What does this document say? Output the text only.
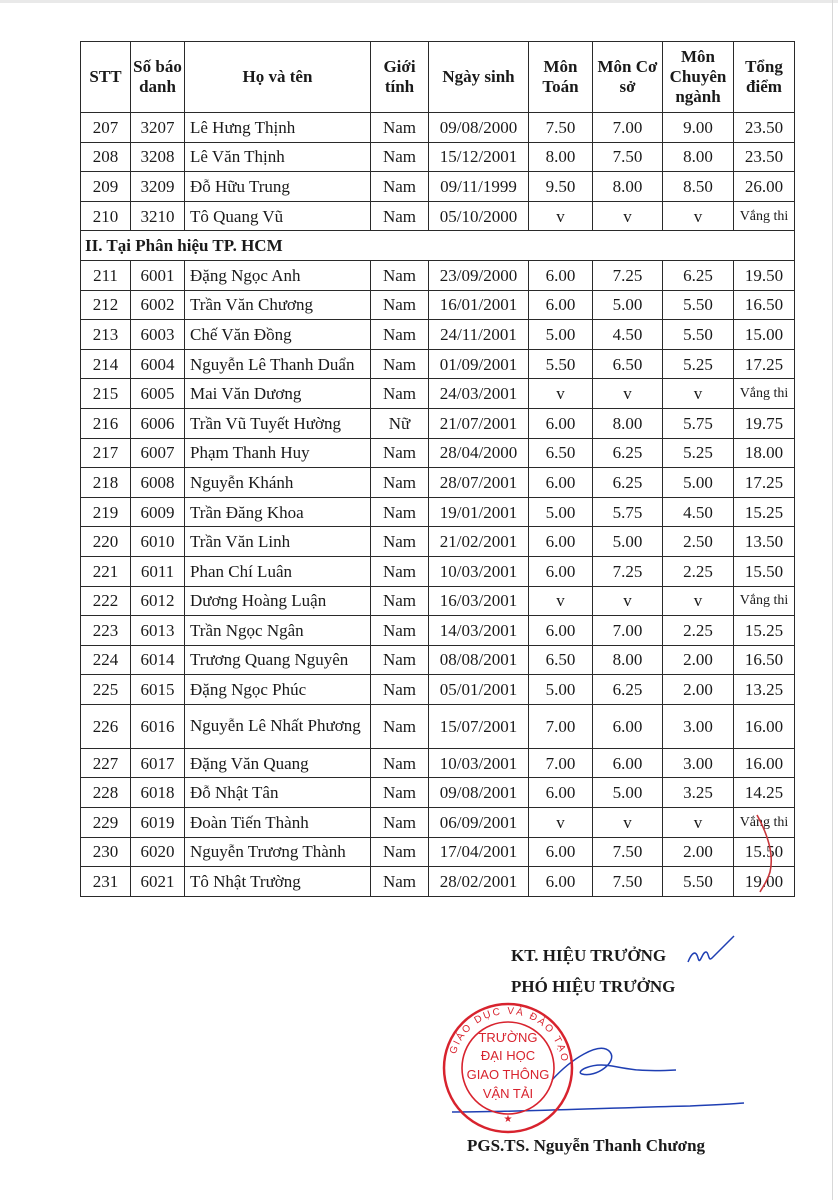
STT	Số báo danh	Họ và tên	Giới tính	Ngày sinh	Môn Toán	Môn Cơ sở	Môn Chuyên ngành	Tổng điểm
207	3207	Lê Hưng Thịnh	Nam	09/08/2000	7.50	7.00	9.00	23.50
208	3208	Lê Văn Thịnh	Nam	15/12/2001	8.00	7.50	8.00	23.50
209	3209	Đỗ Hữu Trung	Nam	09/11/1999	9.50	8.00	8.50	26.00
210	3210	Tô Quang Vũ	Nam	05/10/2000	v	v	v	Vắng thi
II. Tại Phân hiệu TP. HCM								
211	6001	Đặng Ngọc Anh	Nam	23/09/2000	6.00	7.25	6.25	19.50
212	6002	Trần Văn Chương	Nam	16/01/2001	6.00	5.00	5.50	16.50
213	6003	Chế Văn Đồng	Nam	24/11/2001	5.00	4.50	5.50	15.00
214	6004	Nguyễn Lê Thanh Duẩn	Nam	01/09/2001	5.50	6.50	5.25	17.25
215	6005	Mai Văn Dương	Nam	24/03/2001	v	v	v	Vắng thi
216	6006	Trần Vũ Tuyết Hường	Nữ	21/07/2001	6.00	8.00	5.75	19.75
217	6007	Phạm Thanh Huy	Nam	28/04/2000	6.50	6.25	5.25	18.00
218	6008	Nguyễn Khánh	Nam	28/07/2001	6.00	6.25	5.00	17.25
219	6009	Trần Đăng Khoa	Nam	19/01/2001	5.00	5.75	4.50	15.25
220	6010	Trần Văn Linh	Nam	21/02/2001	6.00	5.00	2.50	13.50
221	6011	Phan Chí Luân	Nam	10/03/2001	6.00	7.25	2.25	15.50
222	6012	Dương Hoàng Luận	Nam	16/03/2001	v	v	v	Vắng thi
223	6013	Trần Ngọc Ngân	Nam	14/03/2001	6.00	7.00	2.25	15.25
224	6014	Trương Quang Nguyên	Nam	08/08/2001	6.50	8.00	2.00	16.50
225	6015	Đặng Ngọc Phúc	Nam	05/01/2001	5.00	6.25	2.00	13.25
226	6016	Nguyễn Lê Nhất Phương	Nam	15/07/2001	7.00	6.00	3.00	16.00
227	6017	Đặng Văn Quang	Nam	10/03/2001	7.00	6.00	3.00	16.00
228	6018	Đỗ Nhật Tân	Nam	09/08/2001	6.00	5.00	3.25	14.25
229	6019	Đoàn Tiến Thành	Nam	06/09/2001	v	v	v	Vắng thi
230	6020	Nguyễn Trương Thành	Nam	17/04/2001	6.00	7.50	2.00	15.50
231	6021	Tô Nhật Trường	Nam	28/02/2001	6.00	7.50	5.50	19.00
KT. HIỆU TRƯỞNG
PHÓ HIỆU TRƯỞNG
GIÁO DỤC VÀ ĐÀO TẠO
TRƯỜNG
ĐẠI HỌC
GIAO THÔNG
VẬN TẢI
★
PGS.TS. Nguyễn Thanh Chương
